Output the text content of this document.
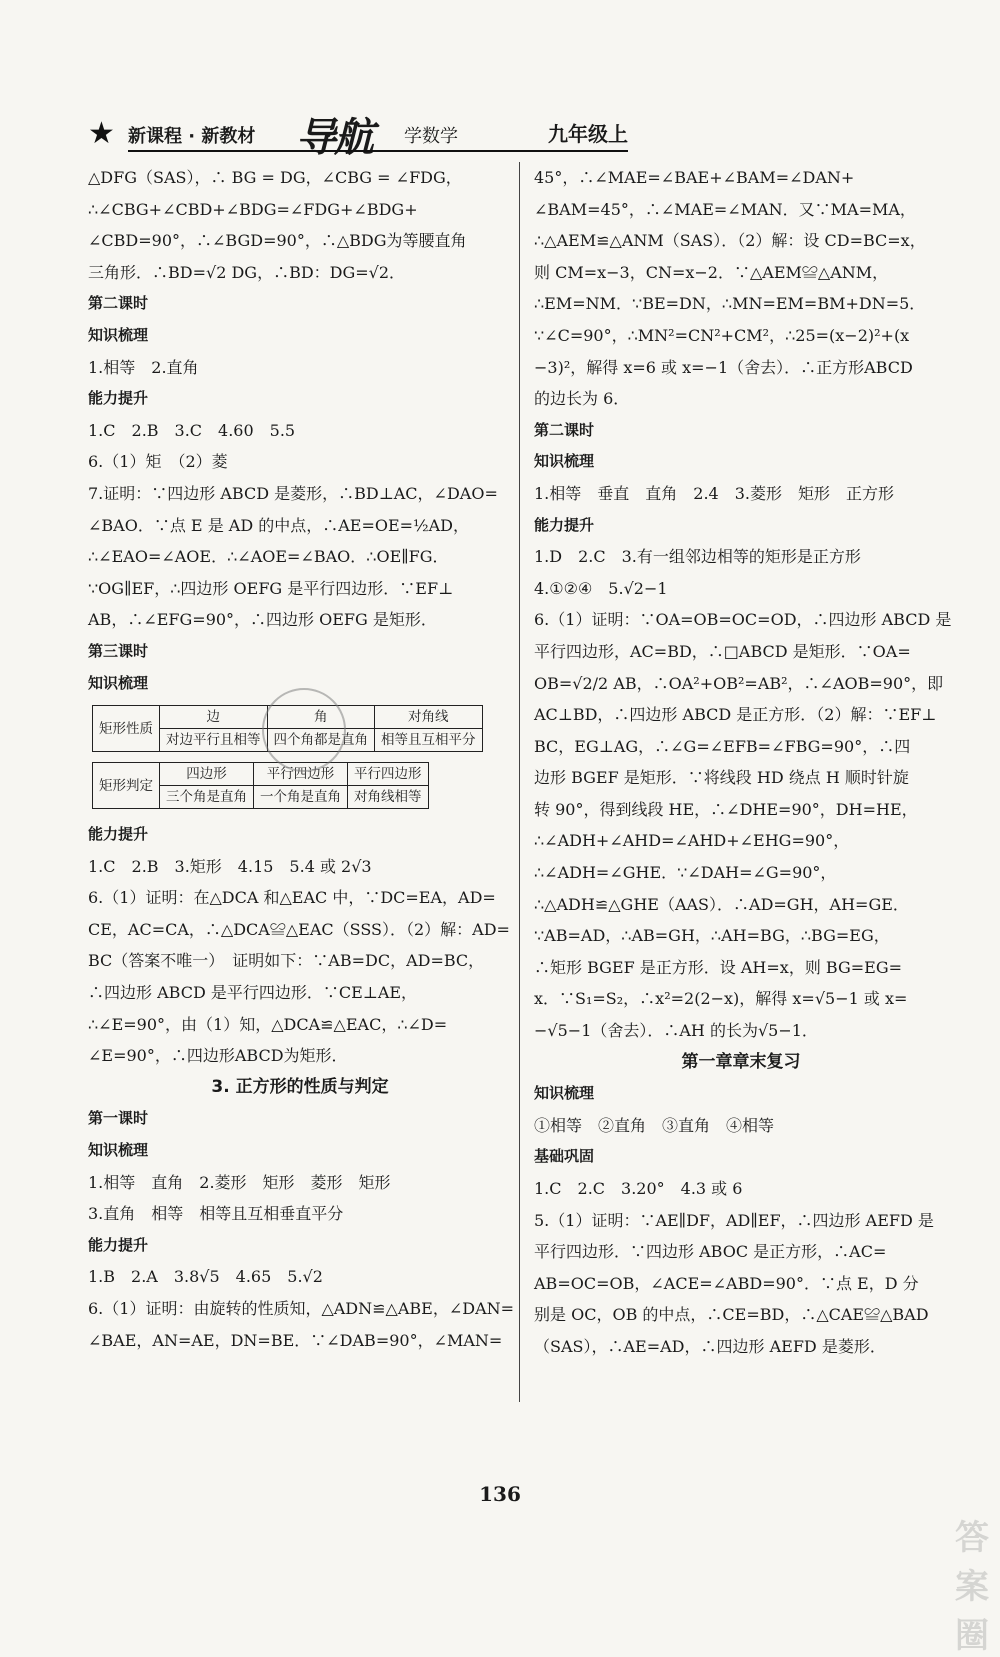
★ 新课程 · 新教材 导航 学数学	九年级上
△DFG（SAS），∴ BG = DG，∠CBG = ∠FDG，
∴∠CBG+∠CBD+∠BDG=∠FDG+∠BDG+
∠CBD=90°，∴∠BGD=90°，∴△BDG为等腰直角
三角形．∴BD=√2 DG，∴BD：DG=√2．
第二课时
知识梳理
1.相等　2.直角
能力提升
1.C　2.B　3.C　4.60　5.5
6.（1）矩　（2）菱
7.证明：∵四边形 ABCD 是菱形，∴BD⊥AC，∠DAO=
∠BAO．∵点 E 是 AD 的中点，∴AE=OE=½AD，
∴∠EAO=∠AOE．∴∠AOE=∠BAO．∴OE∥FG．
∵OG∥EF，∴四边形 OEFG 是平行四边形．∵EF⊥
AB，∴∠EFG=90°，∴四边形 OEFG 是矩形．
第三课时
知识梳理
矩形性质	边	角	对角线
	对边平行且相等	四个角都是直角	相等且互相平分
矩形判定	四边形	平行四边形	平行四边形
	三个角是直角	一个角是直角	对角线相等
能力提升
1.C　2.B　3.矩形　4.15　5.4 或 2√3
6.（1）证明：在△DCA 和△EAC 中，∵DC=EA，AD=
CE，AC=CA，∴△DCA≌△EAC（SSS）．（2）解：AD=
BC（答案不唯一）　证明如下：∵AB=DC，AD=BC，
∴四边形 ABCD 是平行四边形．∵CE⊥AE，
∴∠E=90°，由（1）知，△DCA≌△EAC，∴∠D=
∠E=90°，∴四边形ABCD为矩形．
3. 正方形的性质与判定
第一课时
知识梳理
1.相等　直角　2.菱形　矩形　菱形　矩形
3.直角　相等　相等且互相垂直平分
能力提升
1.B　2.A　3.8√5　4.65　5.√2
6.（1）证明：由旋转的性质知，△ADN≌△ABE，∠DAN=
∠BAE，AN=AE，DN=BE．∵∠DAB=90°，∠MAN=
45°，∴∠MAE=∠BAE+∠BAM=∠DAN+
∠BAM=45°，∴∠MAE=∠MAN．又∵MA=MA，
∴△AEM≌△ANM（SAS）．（2）解：设 CD=BC=x，
则 CM=x−3，CN=x−2．∵△AEM≌△ANM，
∴EM=NM．∵BE=DN，∴MN=EM=BM+DN=5．
∵∠C=90°，∴MN²=CN²+CM²，∴25=(x−2)²+(x
−3)²，解得 x=6 或 x=−1（舍去）．∴正方形ABCD
的边长为 6．
第二课时
知识梳理
1.相等　垂直　直角　2.4　3.菱形　矩形　正方形
能力提升
1.D　2.C　3.有一组邻边相等的矩形是正方形
4.①②④　5.√2−1
6.（1）证明：∵OA=OB=OC=OD，∴四边形 ABCD 是
平行四边形，AC=BD，∴□ABCD 是矩形．∵OA=
OB=√2/2 AB，∴OA²+OB²=AB²，∴∠AOB=90°，即
AC⊥BD，∴四边形 ABCD 是正方形．（2）解：∵EF⊥
BC，EG⊥AG，∴∠G=∠EFB=∠FBG=90°，∴四
边形 BGEF 是矩形．∵将线段 HD 绕点 H 顺时针旋
转 90°，得到线段 HE，∴∠DHE=90°，DH=HE，
∴∠ADH+∠AHD=∠AHD+∠EHG=90°，
∴∠ADH=∠GHE．∵∠DAH=∠G=90°，
∴△ADH≌△GHE（AAS）．∴AD=GH，AH=GE．
∵AB=AD，∴AB=GH，∴AH=BG，∴BG=EG，
∴矩形 BGEF 是正方形．设 AH=x，则 BG=EG=
x．∵S₁=S₂，∴x²=2(2−x)，解得 x=√5−1 或 x=
−√5−1（舍去）．∴AH 的长为√5−1．
第一章章末复习
知识梳理
①相等　②直角　③直角　④相等
基础巩固
1.C　2.C　3.20°　4.3 或 6
5.（1）证明：∵AE∥DF，AD∥EF，∴四边形 AEFD 是
平行四边形．∵四边形 ABOC 是正方形，∴AC=
AB=OC=OB，∠ACE=∠ABD=90°．∵点 E，D 分
别是 OC，OB 的中点，∴CE=BD，∴△CAE≌△BAD
（SAS），∴AE=AD，∴四边形 AEFD 是菱形．
136
答案圈
